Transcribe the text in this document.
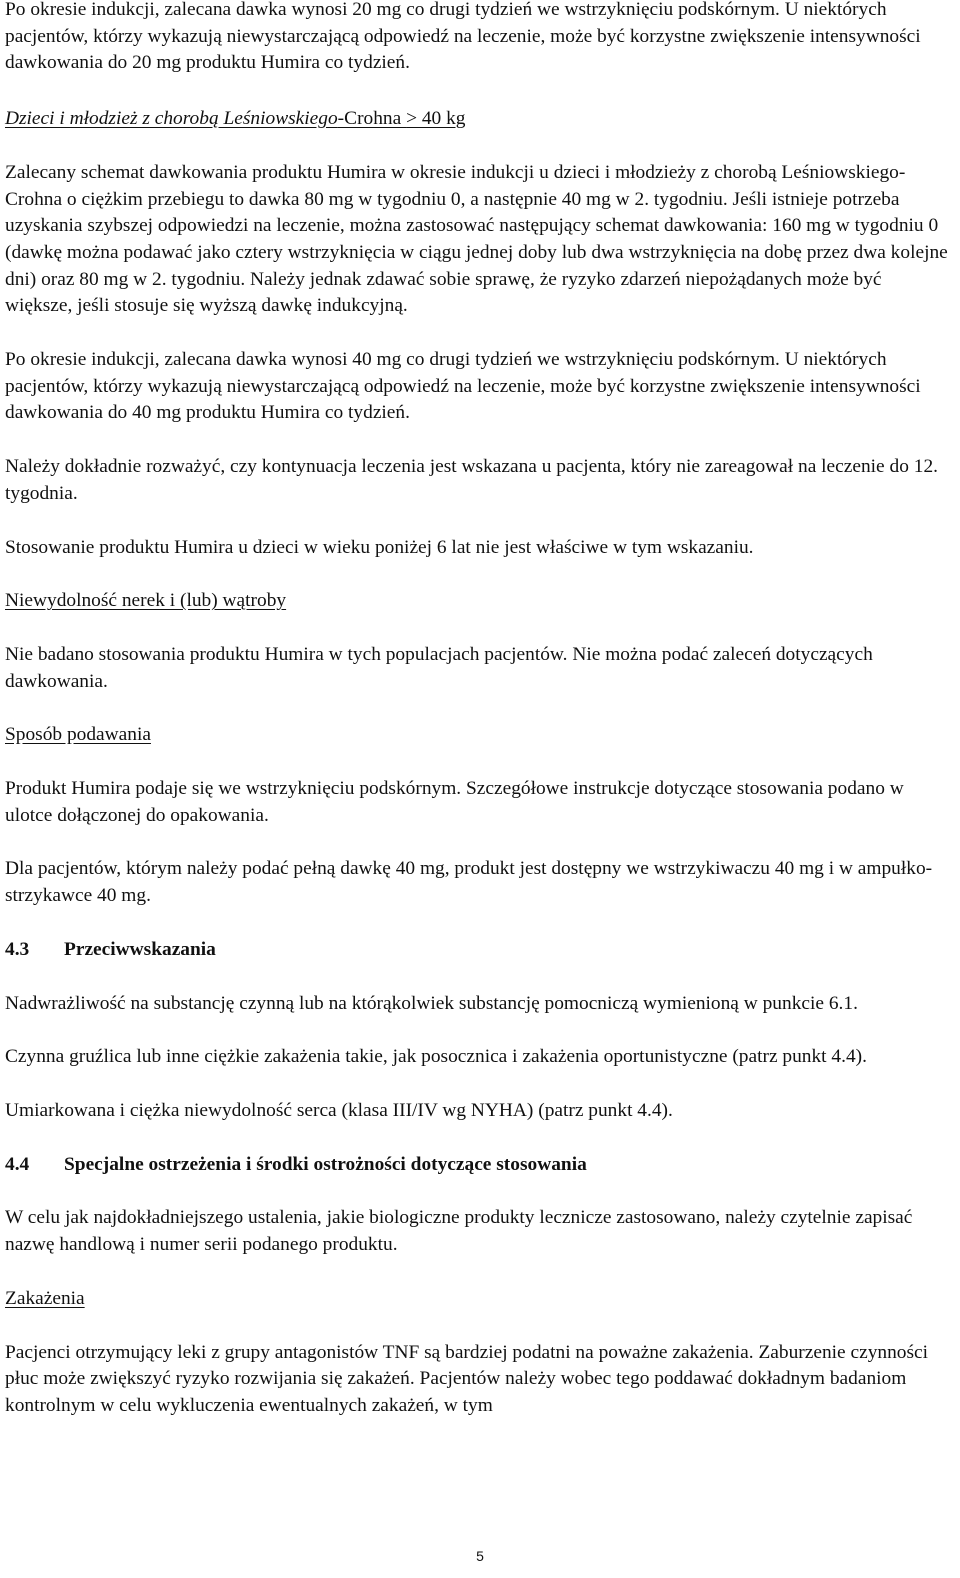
Po okresie indukcji, zalecana dawka wynosi 20 mg co drugi tydzień we wstrzyknięciu podskórnym. U niektórych pacjentów, którzy wykazują niewystarczającą odpowiedź na leczenie, może być korzystne zwiększenie intensywności dawkowania do 20 mg produktu Humira co tydzień.

Dzieci i młodzież z chorobą Leśniowskiego-Crohna ≥ 40 kg

Zalecany schemat dawkowania produktu Humira w okresie indukcji u dzieci i młodzieży z chorobą Leśniowskiego-Crohna o ciężkim przebiegu to dawka 80 mg w tygodniu 0, a następnie 40 mg w 2. tygodniu. Jeśli istnieje potrzeba uzyskania szybszej odpowiedzi na leczenie, można zastosować następujący schemat dawkowania: 160 mg w tygodniu 0 (dawkę można podawać jako cztery wstrzyknięcia w ciągu jednej doby lub dwa wstrzyknięcia na dobę przez dwa kolejne dni) oraz 80 mg w 2. tygodniu. Należy jednak zdawać sobie sprawę, że ryzyko zdarzeń niepożądanych może być większe, jeśli stosuje się wyższą dawkę indukcyjną.

Po okresie indukcji, zalecana dawka wynosi 40 mg co drugi tydzień we wstrzyknięciu podskórnym. U niektórych pacjentów, którzy wykazują niewystarczającą odpowiedź na leczenie, może być korzystne zwiększenie intensywności dawkowania do 40 mg produktu Humira co tydzień.

Należy dokładnie rozważyć, czy kontynuacja leczenia jest wskazana u pacjenta, który nie zareagował na leczenie do 12. tygodnia.

Stosowanie produktu Humira u dzieci w wieku poniżej 6 lat nie jest właściwe w tym wskazaniu.

Niewydolność nerek i (lub) wątroby

Nie badano stosowania produktu Humira w tych populacjach pacjentów. Nie można podać zaleceń dotyczących dawkowania.

Sposób podawania

Produkt Humira podaje się we wstrzyknięciu podskórnym. Szczegółowe instrukcje dotyczące stosowania podano w ulotce dołączonej do opakowania.

Dla pacjentów, którym należy podać pełną dawkę 40 mg, produkt jest dostępny we wstrzykiwaczu 40 mg i w ampułko-strzykawce 40 mg.

4.3 Przeciwwskazania

Nadwrażliwość na substancję czynną lub na którąkolwiek substancję pomocniczą wymienioną w punkcie 6.1.

Czynna gruźlica lub inne ciężkie zakażenia takie, jak posocznica i zakażenia oportunistyczne (patrz punkt 4.4).

Umiarkowana i ciężka niewydolność serca (klasa III/IV wg NYHA) (patrz punkt 4.4).

4.4 Specjalne ostrzeżenia i środki ostrożności dotyczące stosowania

W celu jak najdokładniejszego ustalenia, jakie biologiczne produkty lecznicze zastosowano, należy czytelnie zapisać nazwę handlową i numer serii podanego produktu.

Zakażenia

Pacjenci otrzymujący leki z grupy antagonistów TNF są bardziej podatni na poważne zakażenia. Zaburzenie czynności płuc może zwiększyć ryzyko rozwijania się zakażeń. Pacjentów należy wobec tego poddawać dokładnym badaniom kontrolnym w celu wykluczenia ewentualnych zakażeń, w tym

5
